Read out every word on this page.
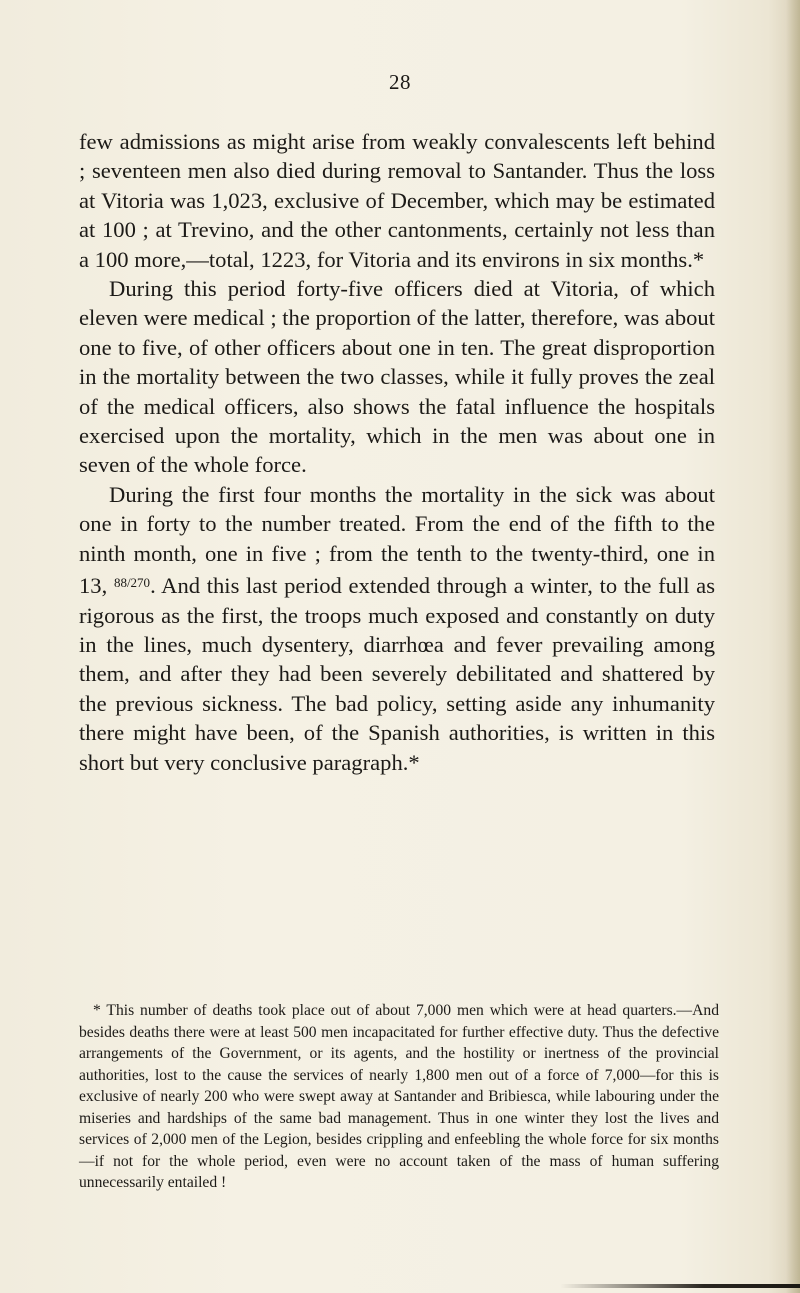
28

few admissions as might arise from weakly convalescents left behind ; seventeen men also died during removal to Santander. Thus the loss at Vitoria was 1,023, exclusive of December, which may be estimated at 100 ; at Trevino, and the other cantonments, certainly not less than a 100 more,—total, 1223, for Vitoria and its environs in six months.*

During this period forty-five officers died at Vitoria, of which eleven were medical ; the proportion of the latter, therefore, was about one to five, of other officers about one in ten. The great disproportion in the mortality between the two classes, while it fully proves the zeal of the medical officers, also shows the fatal influence the hospitals exercised upon the mortality, which in the men was about one in seven of the whole force.

During the first four months the mortality in the sick was about one in forty to the number treated. From the end of the fifth to the ninth month, one in five ; from the tenth to the twenty-third, one in 13, $^{88/270}$. And this last period extended through a winter, to the full as rigorous as the first, the troops much exposed and constantly on duty in the lines, much dysentery, diarrhœa and fever prevailing among them, and after they had been severely debilitated and shattered by the previous sickness. The bad policy, setting aside any inhumanity there might have been, of the Spanish authorities, is written in this short but very conclusive paragraph.*

* This number of deaths took place out of about 7,000 men which were at head quarters.—And besides deaths there were at least 500 men incapacitated for further effective duty. Thus the defective arrangements of the Government, or its agents, and the hostility or inertness of the provincial authorities, lost to the cause the services of nearly 1,800 men out of a force of 7,000—for this is exclusive of nearly 200 who were swept away at Santander and Bribiesca, while labouring under the miseries and hardships of the same bad management. Thus in one winter they lost the lives and services of 2,000 men of the Legion, besides crippling and enfeebling the whole force for six months—if not for the whole period, even were no account taken of the mass of human suffering unnecessarily entailed !
